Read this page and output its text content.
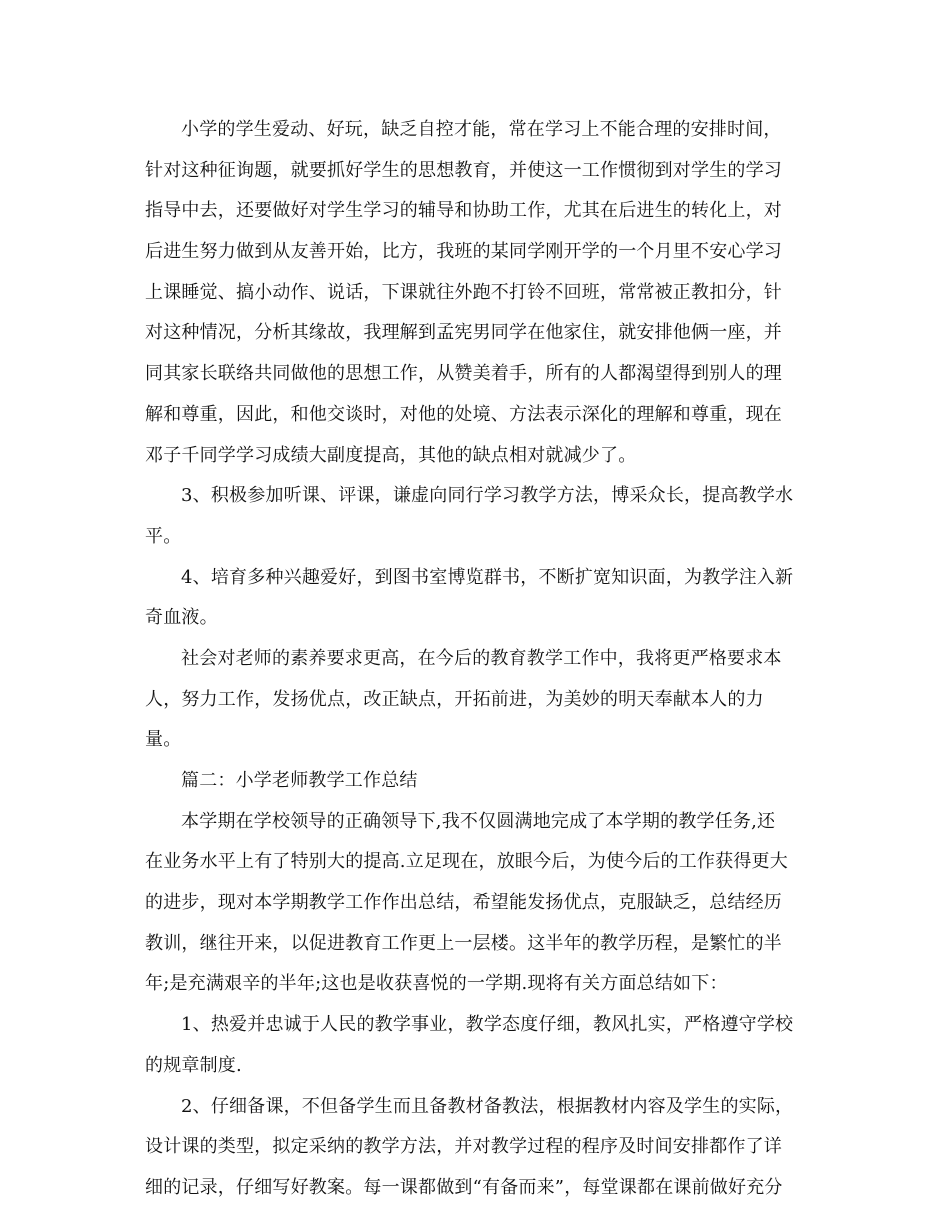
小学的学生爱动、好玩，缺乏自控才能，常在学习上不能合理的安排时间，
针对这种征询题，就要抓好学生的思想教育，并使这一工作惯彻到对学生的学习
指导中去，还要做好对学生学习的辅导和协助工作，尤其在后进生的转化上，对
后进生努力做到从友善开始，比方，我班的某同学刚开学的一个月里不安心学习
上课睡觉、搞小动作、说话，下课就往外跑不打铃不回班，常常被正教扣分，针
对这种情况，分析其缘故，我理解到孟宪男同学在他家住，就安排他俩一座，并
同其家长联络共同做他的思想工作，从赞美着手，所有的人都渴望得到别人的理
解和尊重，因此，和他交谈时，对他的处境、方法表示深化的理解和尊重，现在
邓子千同学学习成绩大副度提高，其他的缺点相对就减少了。
3、积极参加听课、评课，谦虚向同行学习教学方法，博采众长，提高教学水
平。
4、培育多种兴趣爱好，到图书室博览群书，不断扩宽知识面，为教学注入新
奇血液。
社会对老师的素养要求更高，在今后的教育教学工作中，我将更严格要求本
人，努力工作，发扬优点，改正缺点，开拓前进，为美妙的明天奉献本人的力
量。
篇二：小学老师教学工作总结
本学期在学校领导的正确领导下,我不仅圆满地完成了本学期的教学任务,还
在业务水平上有了特别大的提高.立足现在，放眼今后，为使今后的工作获得更大
的进步，现对本学期教学工作作出总结，希望能发扬优点，克服缺乏，总结经历
教训，继往开来，以促进教育工作更上一层楼。这半年的教学历程，是繁忙的半
年;是充满艰辛的半年;这也是收获喜悦的一学期.现将有关方面总结如下：
1、热爱并忠诚于人民的教学事业，教学态度仔细，教风扎实，严格遵守学校
的规章制度.
2、仔细备课，不但备学生而且备教材备教法，根据教材内容及学生的实际，
设计课的类型，拟定采纳的教学方法，并对教学过程的程序及时间安排都作了详
细的记录，仔细写好教案。每一课都做到“有备而来”，每堂课都在课前做好充分
